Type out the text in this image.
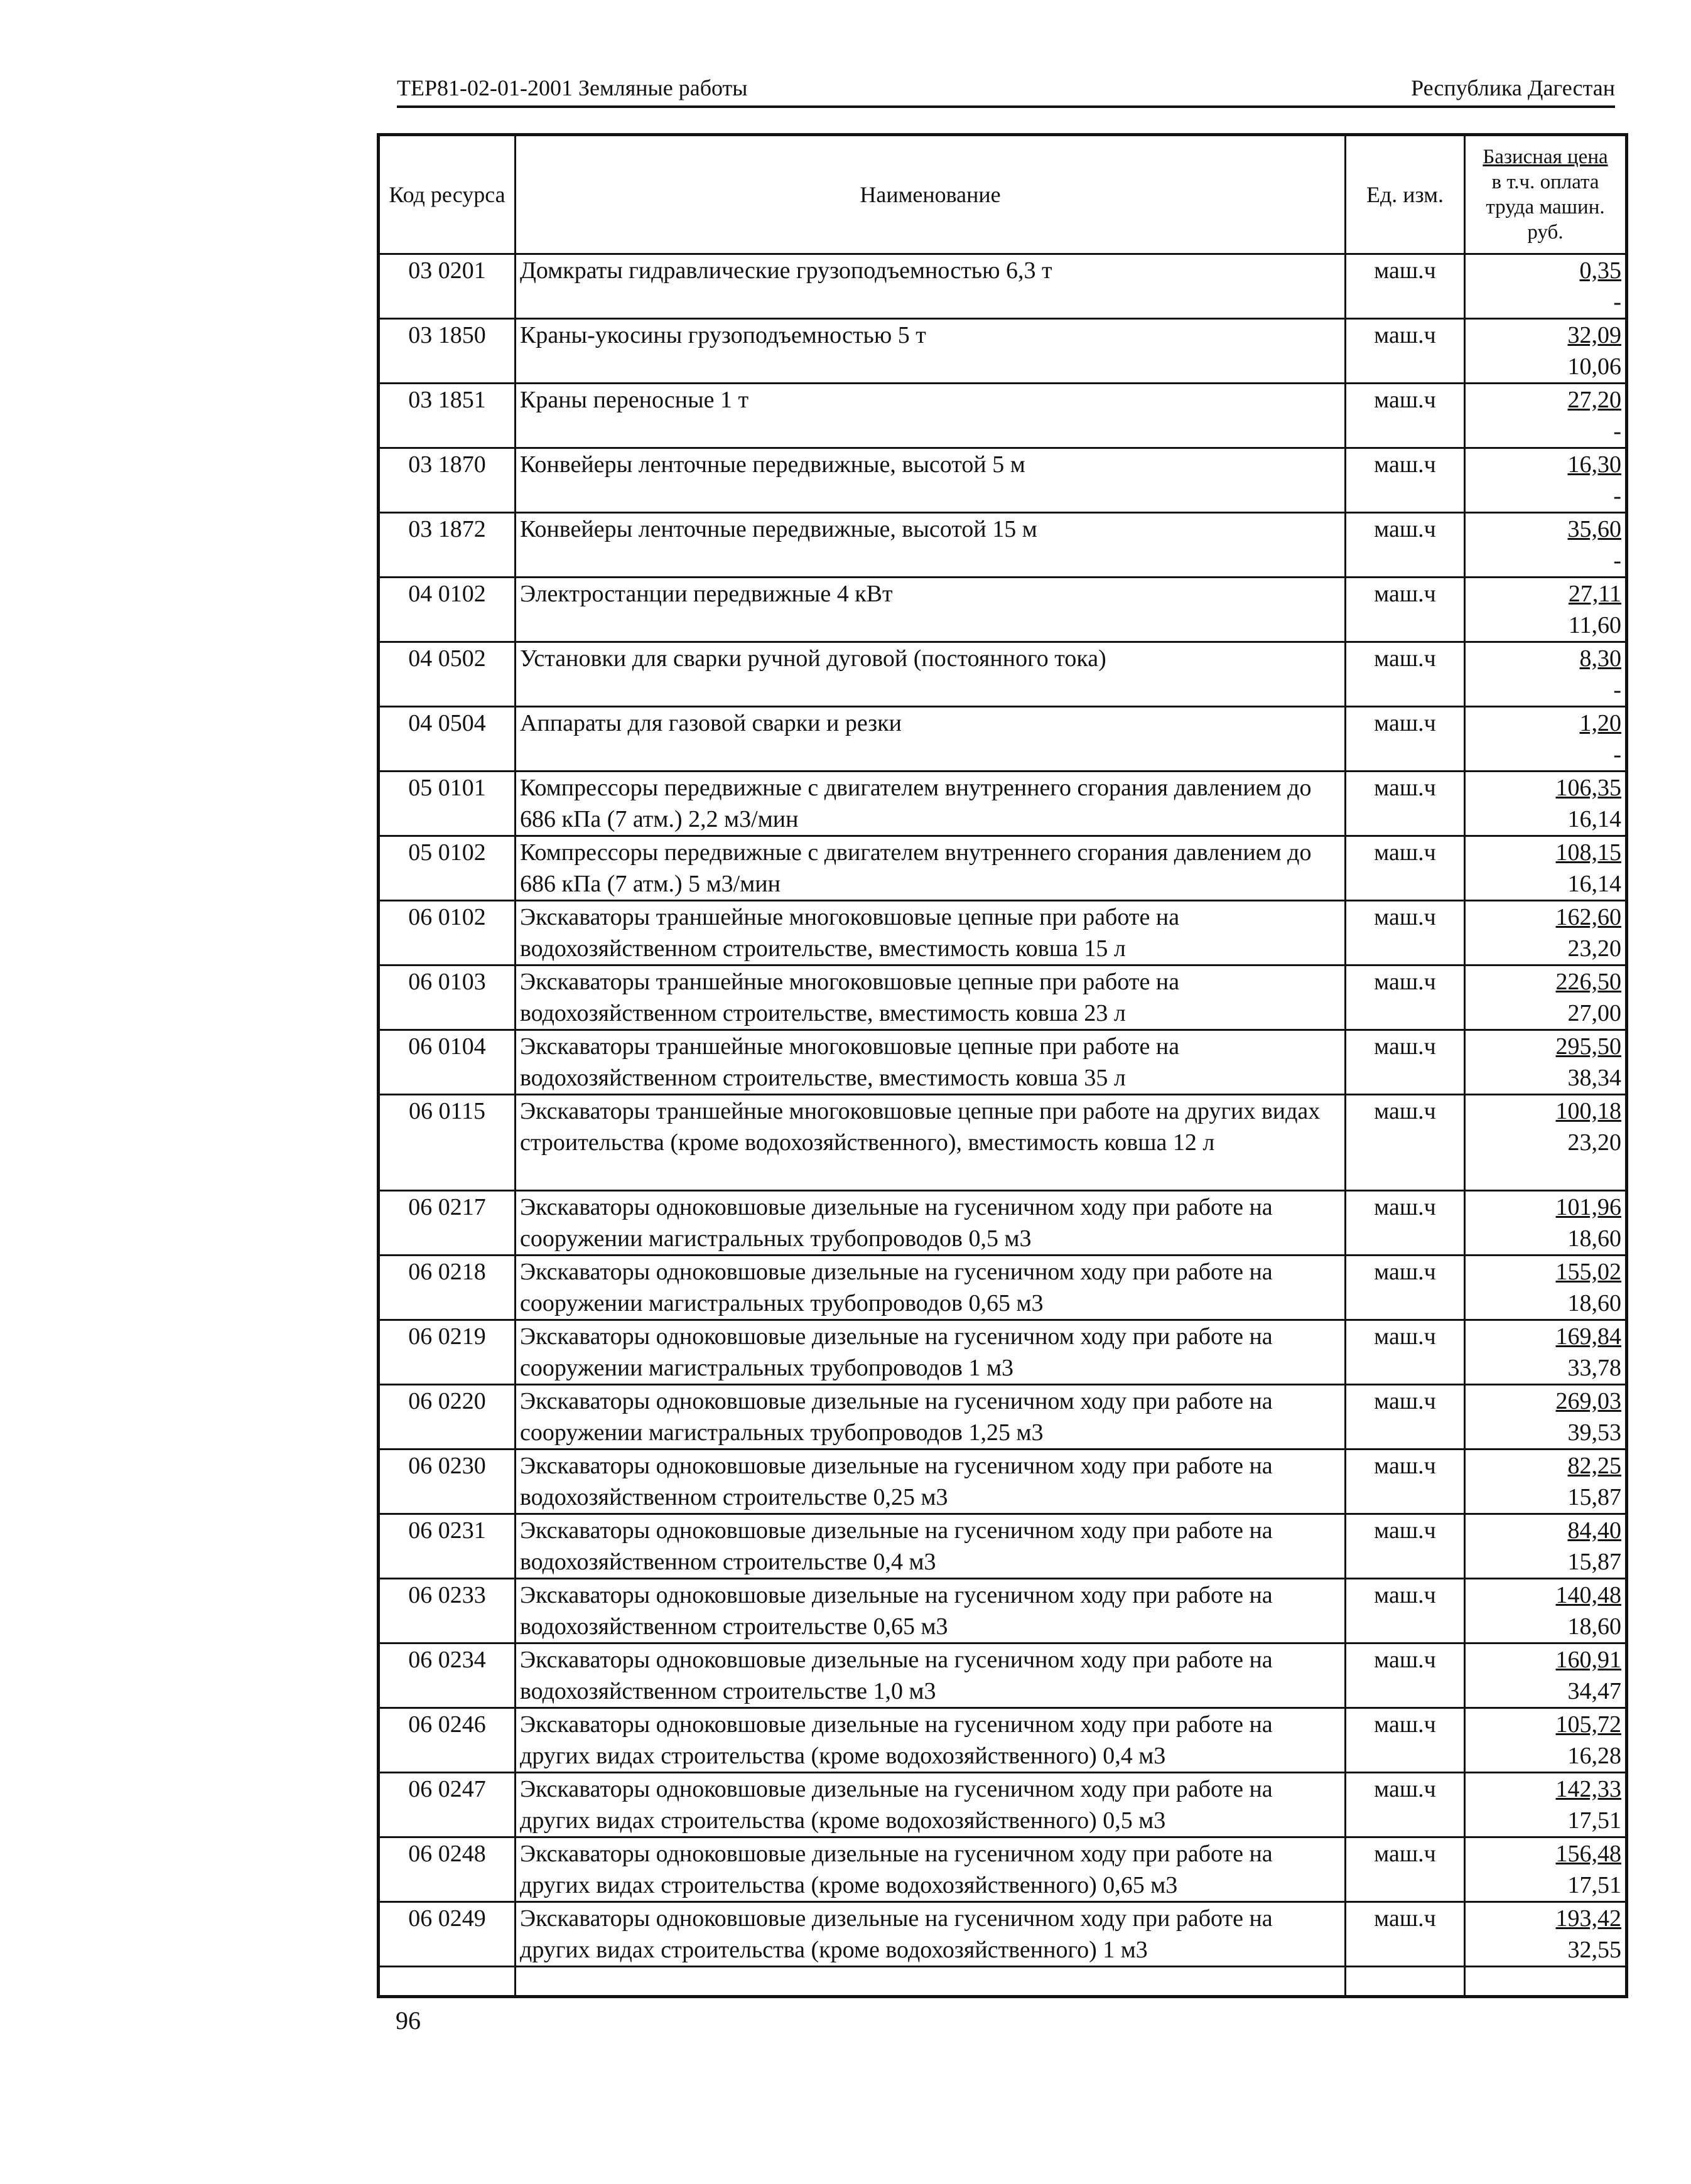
ТЕР81-02-01-2001 Земляные работы	Республика Дагестан
Код ресурса	Наименование	Ед. изм.	Базисная цена
в т.ч. оплата
труда машин.
руб.
03 0201	Домкраты гидравлические грузоподъемностью 6,3 т	маш.ч	0,35
-

03 1850	Краны-укосины грузоподъемностью 5 т	маш.ч	32,09
10,06

03 1851	Краны переносные 1 т	маш.ч	27,20
-

03 1870	Конвейеры ленточные передвижные, высотой 5 м	маш.ч	16,30
-

03 1872	Конвейеры ленточные передвижные, высотой 15 м	маш.ч	35,60
-

04 0102	Электростанции передвижные 4 кВт	маш.ч	27,11
11,60

04 0502	Установки для сварки ручной дуговой (постоянного тока)	маш.ч	8,30
-

04 0504	Аппараты для газовой сварки и резки	маш.ч	1,20
-

05 0101	Компрессоры передвижные с двигателем внутреннего сгорания давлением до 686 кПа (7 атм.) 2,2 м3/мин	маш.ч	106,35
16,14

05 0102	Компрессоры передвижные с двигателем внутреннего сгорания давлением до 686 кПа (7 атм.) 5 м3/мин	маш.ч	108,15
16,14

06 0102	Экскаваторы траншейные многоковшовые цепные при работе на водохозяйственном строительстве, вместимость ковша 15 л	маш.ч	162,60
23,20

06 0103	Экскаваторы траншейные многоковшовые цепные при работе на водохозяйственном строительстве, вместимость ковша 23 л	маш.ч	226,50
27,00

06 0104	Экскаваторы траншейные многоковшовые цепные при работе на водохозяйственном строительстве, вместимость ковша 35 л	маш.ч	295,50
38,34

06 0115	Экскаваторы траншейные многоковшовые цепные при работе на других видах строительства (кроме водохозяйственного), вместимость ковша 12 л	маш.ч	100,18
23,20

06 0217	Экскаваторы одноковшовые дизельные на гусеничном ходу при работе на сооружении магистральных трубопроводов 0,5 м3	маш.ч	101,96
18,60

06 0218	Экскаваторы одноковшовые дизельные на гусеничном ходу при работе на сооружении магистральных трубопроводов 0,65 м3	маш.ч	155,02
18,60

06 0219	Экскаваторы одноковшовые дизельные на гусеничном ходу при работе на сооружении магистральных трубопроводов 1 м3	маш.ч	169,84
33,78

06 0220	Экскаваторы одноковшовые дизельные на гусеничном ходу при работе на сооружении магистральных трубопроводов 1,25 м3	маш.ч	269,03
39,53

06 0230	Экскаваторы одноковшовые дизельные на гусеничном ходу при работе на водохозяйственном строительстве 0,25 м3	маш.ч	82,25
15,87

06 0231	Экскаваторы одноковшовые дизельные на гусеничном ходу при работе на водохозяйственном строительстве 0,4 м3	маш.ч	84,40
15,87

06 0233	Экскаваторы одноковшовые дизельные на гусеничном ходу при работе на водохозяйственном строительстве 0,65 м3	маш.ч	140,48
18,60

06 0234	Экскаваторы одноковшовые дизельные на гусеничном ходу при работе на водохозяйственном строительстве 1,0 м3	маш.ч	160,91
34,47

06 0246	Экскаваторы одноковшовые дизельные на гусеничном ходу при работе на других видах строительства (кроме водохозяйственного) 0,4 м3	маш.ч	105,72
16,28

06 0247	Экскаваторы одноковшовые дизельные на гусеничном ходу при работе на других видах строительства (кроме водохозяйственного) 0,5 м3	маш.ч	142,33
17,51

06 0248	Экскаваторы одноковшовые дизельные на гусеничном ходу при работе на других видах строительства (кроме водохозяйственного) 0,65 м3	маш.ч	156,48
17,51

06 0249	Экскаваторы одноковшовые дизельные на гусеничном ходу при работе на других видах строительства (кроме водохозяйственного) 1 м3	маш.ч	193,42
32,55

96
